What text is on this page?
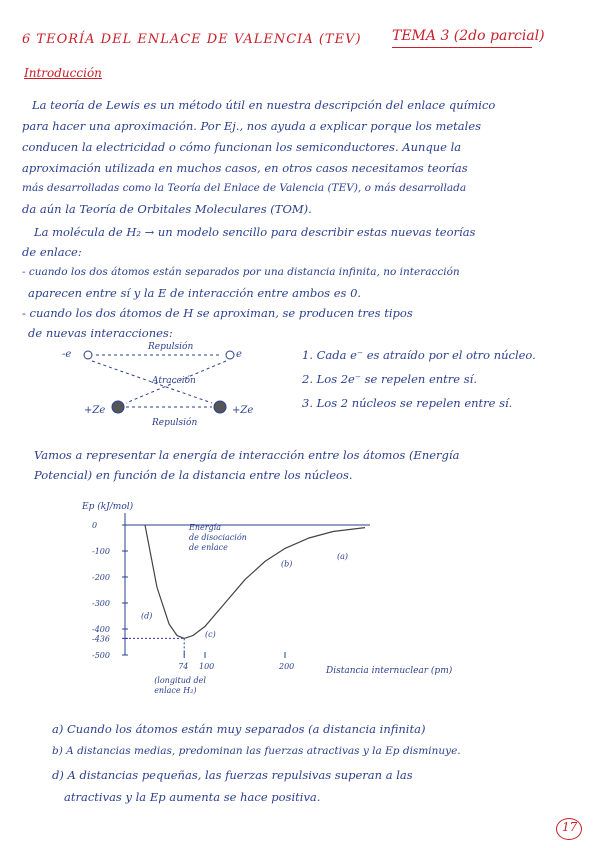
6 TEORÍA DEL ENLACE DE VALENCIA (TEV) TEMA 3 (2do parcial)
Introducción
La teoría de Lewis es un método útil en nuestra descripción del enlace químico
para hacer una aproximación. Por Ej., nos ayuda a explicar porque los metales
conducen la electricidad o cómo funcionan los semiconductores. Aunque la
aproximación utilizada en muchos casos, en otros casos necesitamos teorías
más desarrolladas como la Teoría del Enlace de Valencia (TEV), o más desarrollada
da aún la Teoría de Orbitales Moleculares (TOM).
La molécula de H₂ → un modelo sencillo para describir estas nuevas teorías
de enlace:
- cuando los dos átomos están separados por una distancia infinita, no interacción
aparecen entre sí y la E de interacción entre ambos es 0.
- cuando los dos átomos de H se aproximan, se producen tres tipos
de nuevas interacciones:
-e	e
+Ze	+Ze
Repulsión
Atracción
Repulsión
1. Cada e⁻ es atraído por el otro núcleo.
2. Los 2e⁻ se repelen entre sí.
3. Los 2 núcleos se repelen entre sí.
Vamos a representar la energía de interacción entre los átomos (Energía
Potencial) en función de la distancia entre los núcleos.
Ep (kJ/mol)
0
-100
-200
-300
-400
-436
-500
74 100	200
(d)
(c)
(b)
(a)
Energía
de disociación
de enlace
(longitud del
enlace H₂)
Distancia internuclear (pm)
a) Cuando los átomos están muy separados (a distancia infinita)
b) A distancias medias, predominan las fuerzas atractivas y la Ep disminuye.
d) A distancias pequeñas, las fuerzas repulsivas superan a las
atractivas y la Ep aumenta se hace positiva.
17
